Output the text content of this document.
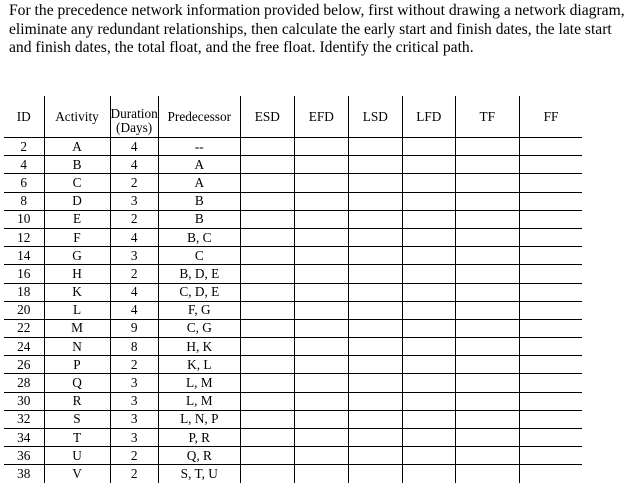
For the precedence network information provided below, first without drawing a network diagram, eliminate any redundant relationships, then calculate the early start and finish dates, the late start and finish dates, the total float, and the free float. Identify the critical path.

ID	Activity	Duration
(Days)	Predecessor	ESD	EFD	LSD	LFD	TF	FF
2	A	4	--						
4	B	4	A						
6	C	2	A						
8	D	3	B						
10	E	2	B						
12	F	4	B, C						
14	G	3	C						
16	H	2	B, D, E						
18	K	4	C, D, E						
20	L	4	F, G						
22	M	9	C, G						
24	N	8	H, K						
26	P	2	K, L						
28	Q	3	L, M						
30	R	3	L, M						
32	S	3	L, N, P						
34	T	3	P, R						
36	U	2	Q, R						
38	V	2	S, T, U						
